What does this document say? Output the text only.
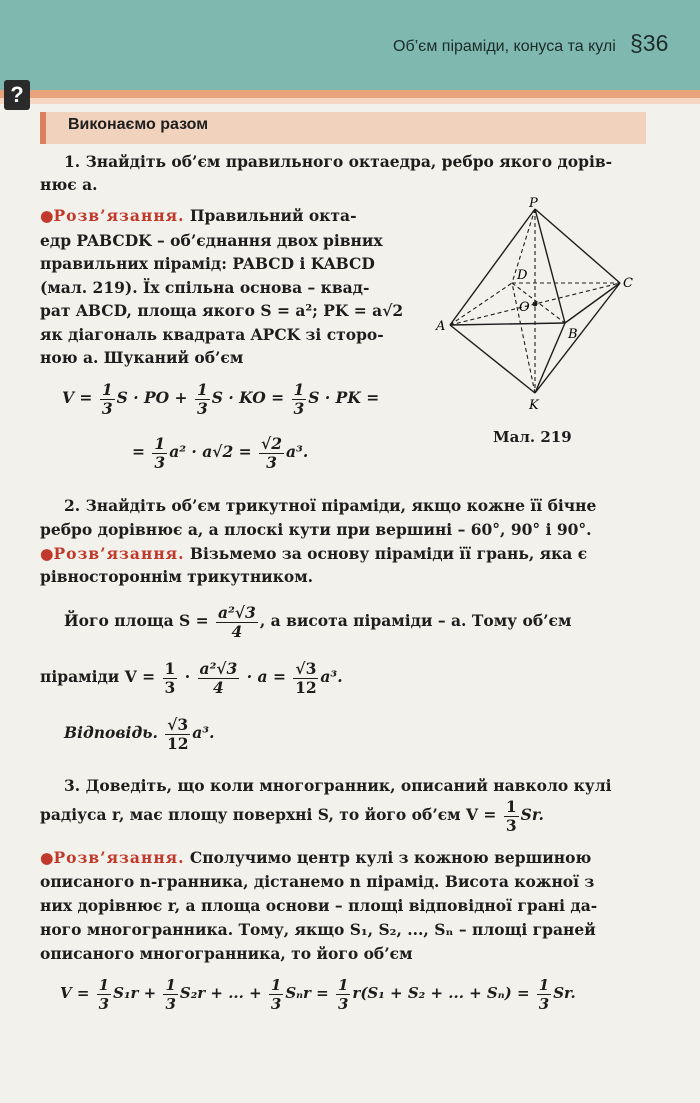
Об’єм піраміди, конуса та кулі §36
?
Виконаємо разом
1. Знайдіть об’єм правильного октаедра, ребро якого дорів-
нює a.
●Розв’язання. Правильний окта-
едр PABCDK – об’єднання двох рівних
правильних пірамід: PABCD і KABCD
(мал. 219). Їх спільна основа – квад-
рат ABCD, площа якого S = a²; PK = a√2
як діагональ квадрата APCK зі сторо-
ною a. Шуканий об’єм
$V = \frac{1}{3}$ S · PO + $\frac{1}{3}$ S · KO = $\frac{1}{3}$ S · PK =
= $\frac{1}{3} a^2 \cdot a√2 = \frac{√2}{3} a^3$.
P
C
D
O
A
B
K
Мал. 219
2. Знайдіть об’єм трикутної піраміди, якщо кожне її бічне
ребро дорівнює a, а плоскі кути при вершині – 60°, 90° і 90°.
●Розв’язання. Візьмемо за основу піраміди її грань, яка є
рівностороннім трикутником.
Його площа $S = \frac{\text{a²√3}}{4}$ , а висота піраміди – a. Тому об’єм
піраміди $V = \frac{1}{3} \cdot \frac{\text{a²√3}}{4} \cdot a = \frac{√3}{12} a^3$.
Відповідь. $\frac{√3}{12} a^3$.
3. Доведіть, що коли многогранник, описаний навколо кулі
радіуса r, має площу поверхні S, то його об’єм $V = \frac{1}{3} Sr$.
●Розв’язання. Сполучимо центр кулі з кожною вершиною
описаного n-гранника, дістанемо n пірамід. Висота кожної з
них дорівнює r, а площа основи – площі відповідної грані да-
ного многогранника. Тому, якщо S₁, S₂, ..., Sₙ – площі граней
описаного многогранника, то його об’єм
$V = \frac{1}{3} S_1r + \frac{1}{3} S_2r$ + ... + $\frac{1}{3}$ $S_nr = \frac{1}{3} r(S_1 + S_2$ + ... + $S_n) = \frac{1}{3} Sr$.
